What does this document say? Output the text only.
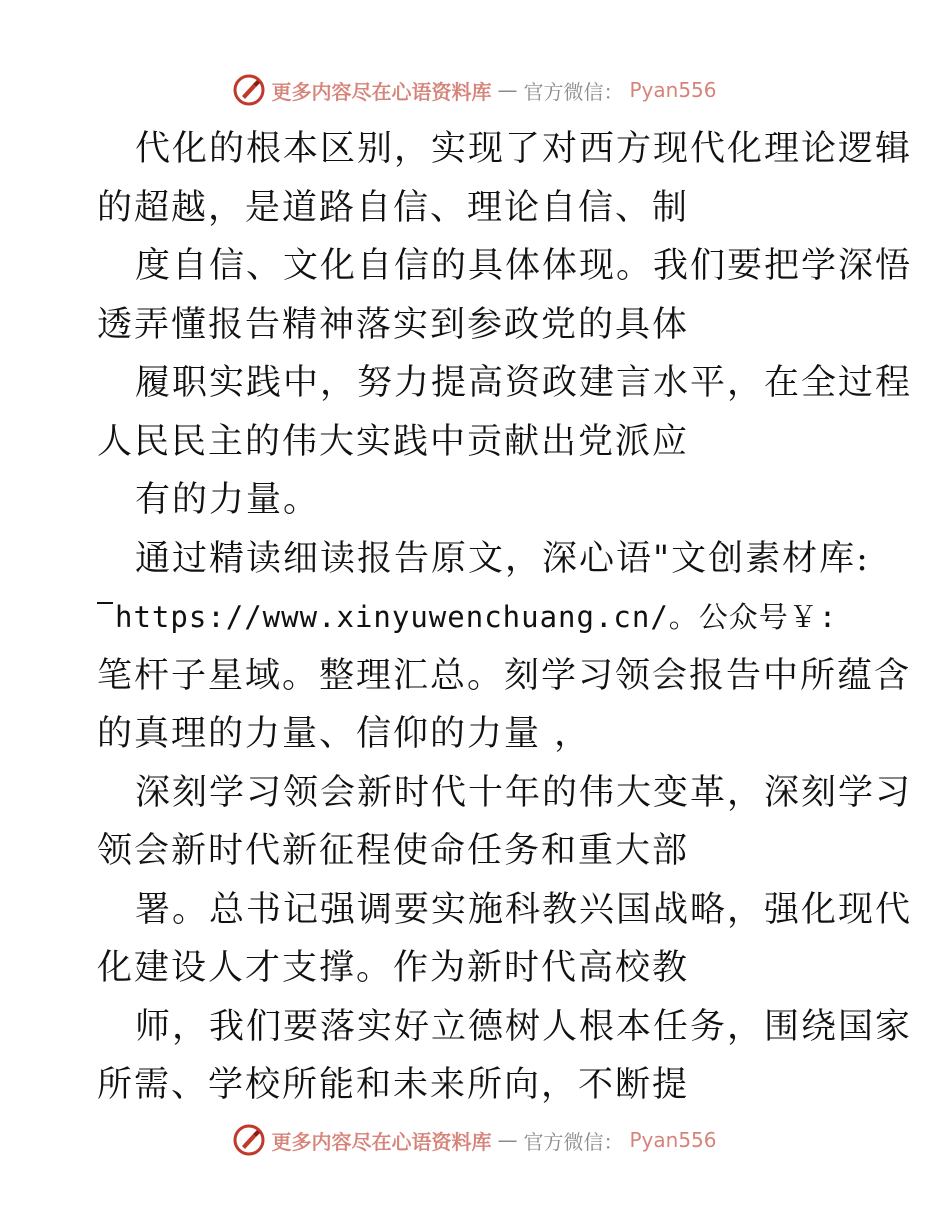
更多内容尽在心语资料库 — 官方微信： Pyan556
代化的根本区别，实现了对西方现代化理论逻辑
的超越，是道路自信、理论自信、制
度自信、文化自信的具体体现。我们要把学深悟
透弄懂报告精神落实到参政党的具体
履职实践中，努力提高资政建言水平，在全过程
人民民主的伟大实践中贡献出党派应
有的力量。
通过精读细读报告原文，深心语"文创素材库:
https://www.xinyuwenchuang.cn/。公众号￥:
笔杆子星域。整理汇总。刻学习领会报告中所蕴含
的真理的力量、信仰的力量 ，
深刻学习领会新时代十年的伟大变革，深刻学习
领会新时代新征程使命任务和重大部
署。总书记强调要实施科教兴国战略，强化现代
化建设人才支撑。作为新时代高校教
师，我们要落实好立德树人根本任务，围绕国家
所需、学校所能和未来所向，不断提
更多内容尽在心语资料库 — 官方微信： Pyan556
